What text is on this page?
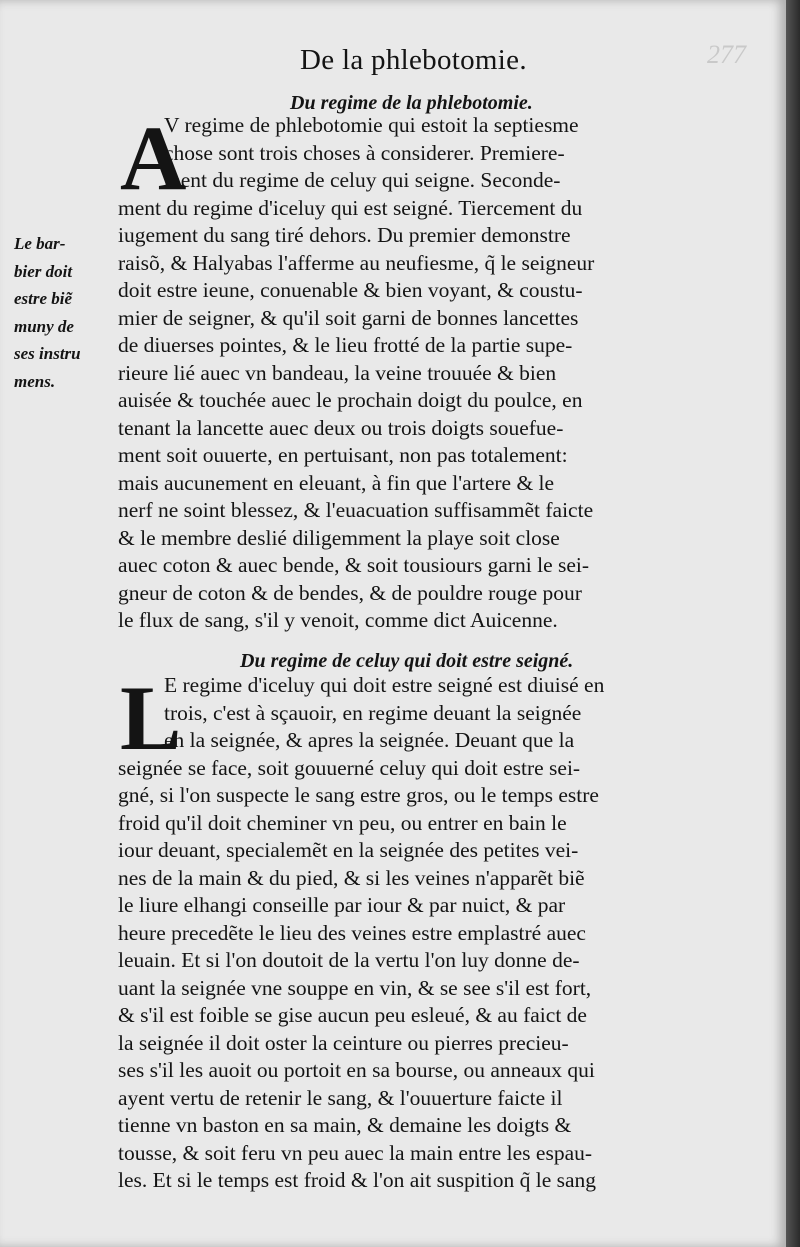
277
De la phlebotomie.
Du regime de la phlebotomie.
A
V regime de phlebotomie qui estoit la septiesme
chose sont trois choses à considerer. Premiere-
ment du regime de celuy qui seigne. Seconde-
ment du regime d'iceluy qui est seigné. Tiercement du
iugement du sang tiré dehors. Du premier demonstre
raisõ, & Halyabas l'afferme au neufiesme, q̃ le seigneur
doit estre ieune, conuenable & bien voyant, & coustu-
mier de seigner, & qu'il soit garni de bonnes lancettes
de diuerses pointes, & le lieu frotté de la partie supe-
rieure lié auec vn bandeau, la veine trouuée & bien
auisée & touchée auec le prochain doigt du poulce, en
tenant la lancette auec deux ou trois doigts souefue-
ment soit ouuerte, en pertuisant, non pas totalement:
mais aucunement en eleuant, à fin que l'artere & le
nerf ne soint blessez, & l'euacuation suffisammẽt faicte
& le membre deslié diligemment la playe soit close
auec coton & auec bende, & soit tousiours garni le sei-
gneur de coton & de bendes, & de pouldre rouge pour
le flux de sang, s'il y venoit, comme dict Auicenne.
Le bar-
bier doit
estre biẽ
muny de
ses instru
mens.
Du regime de celuy qui doit estre seigné.
L
E regime d'iceluy qui doit estre seigné est diuisé en
trois, c'est à sçauoir, en regime deuant la seignée
en la seignée, & apres la seignée. Deuant que la
seignée se face, soit gouuerné celuy qui doit estre sei-
gné, si l'on suspecte le sang estre gros, ou le temps estre
froid qu'il doit cheminer vn peu, ou entrer en bain le
iour deuant, specialemẽt en la seignée des petites vei-
nes de la main & du pied, & si les veines n'apparẽt biẽ
le liure elhangi conseille par iour & par nuict, & par
heure precedẽte le lieu des veines estre emplastré auec
leuain. Et si l'on doutoit de la vertu l'on luy donne de-
uant la seignée vne souppe en vin, & se see s'il est fort,
& s'il est foible se gise aucun peu esleué, & au faict de
la seignée il doit oster la ceinture ou pierres precieu-
ses s'il les auoit ou portoit en sa bourse, ou anneaux qui
ayent vertu de retenir le sang, & l'ouuerture faicte il
tienne vn baston en sa main, & demaine les doigts &
tousse, & soit feru vn peu auec la main entre les espau-
les. Et si le temps est froid & l'on ait suspition q̃ le sang
